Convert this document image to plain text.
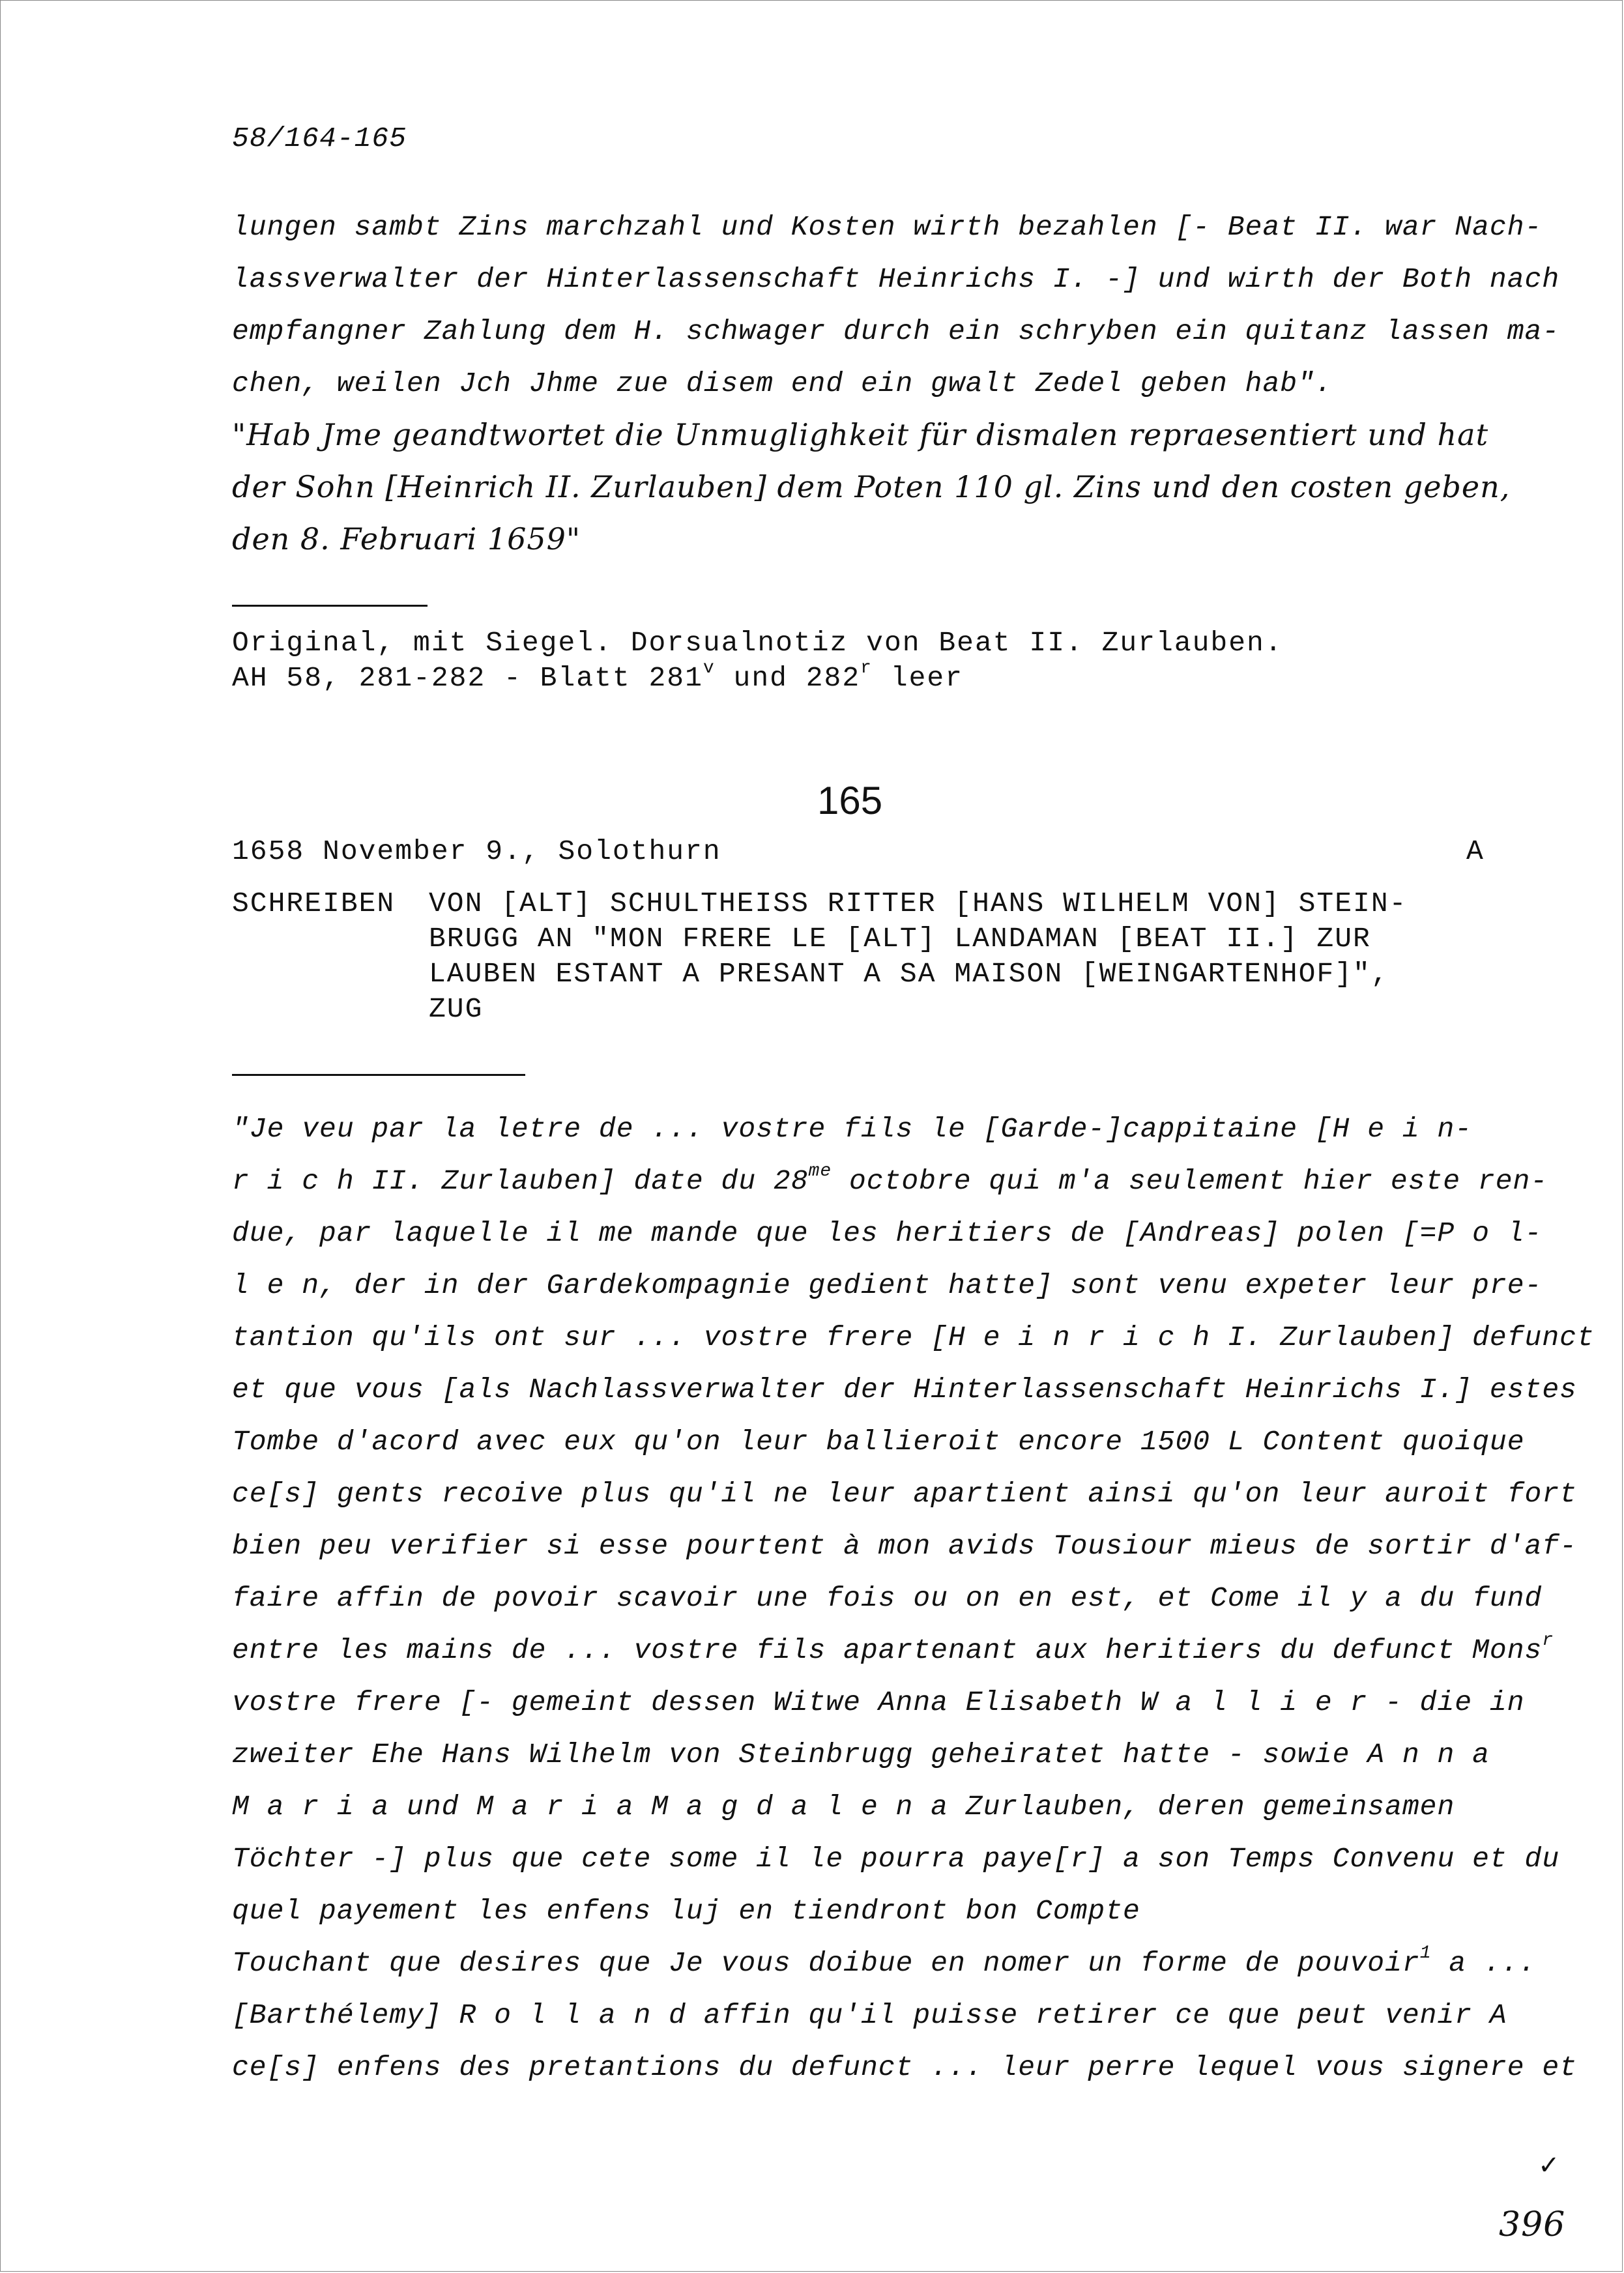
58/164-165
lungen sambt Zins marchzahl und Kosten wirth bezahlen [- Beat II. war Nach-
lassverwalter der Hinterlassenschaft Heinrichs I. -] und wirth der Both nach
empfangner Zahlung dem H. schwager durch ein schryben ein quitanz lassen ma-
chen, weilen Jch Jhme zue disem end ein gwalt Zedel geben hab".
"Hab Jme geandtwortet die Unmuglighkeit für dismalen repraesentiert und hat
der Sohn [Heinrich II. Zurlauben] dem Poten 110 gl. Zins und den costen geben,
den 8. Februari 1659"
Original, mit Siegel. Dorsualnotiz von Beat II. Zurlauben.
AH 58, 281-282 - Blatt 281$^v$ und 282$^r$ leer
165
1658 November 9., Solothurn	A
SCHREIBEN VON [ALT] SCHULTHEISS RITTER [HANS WILHELM VON] STEIN-
BRUGG AN "MON FRERE LE [ALT] LANDAMAN [BEAT II.] ZUR
LAUBEN ESTANT A PRESANT A SA MAISON [WEINGARTENHOF]",
ZUG
"Je veu par la letre de ... vostre fils le [Garde-]cappitaine [H e i n-
r i c h II. Zurlauben] date du $28^{me}$ octobre qui m'a seulement hier este ren-
due, par laquelle il me mande que les heritiers de [Andreas] polen [=P o l-
l e n, der in der Gardekompagnie gedient hatte] sont venu expeter leur pre-
tantion qu'ils ont sur ... vostre frere [H e i n r i c h I. Zurlauben] defunct
et que vous [als Nachlassverwalter der Hinterlassenschaft Heinrichs I.] estes
Tombe d'acord avec eux qu'on leur ballieroit encore 1500 L Content quoique
ce[s] gents recoive plus qu'il ne leur apartient ainsi qu'on leur auroit fort
bien peu verifier si esse pourtent à mon avids Tousiour mieus de sortir d'af-
faire affin de povoir scavoir une fois ou on en est, et Come il y a du fund
entre les mains de ... vostre fils apartenant aux heritiers du defunct Mons$^r$
vostre frere [- gemeint dessen Witwe Anna Elisabeth W a l l i e r - die in
zweiter Ehe Hans Wilhelm von Steinbrugg geheiratet hatte - sowie A n n a
M a r i a und M a r i a M a g d a l e n a Zurlauben, deren gemeinsamen
Töchter -] plus que cete some il le pourra paye[r] a son Temps Convenu et du
quel payement les enfens luj en tiendront bon Compte
Touchant que desires que Je vous doibue en nomer un forme de pouvoir$^1$ a ...
[Barthélemy] R o l l a n d affin qu'il puisse retirer ce que peut venir A
ce[s] enfens des pretantions du defunct ... leur perre lequel vous signere et
✓
396
